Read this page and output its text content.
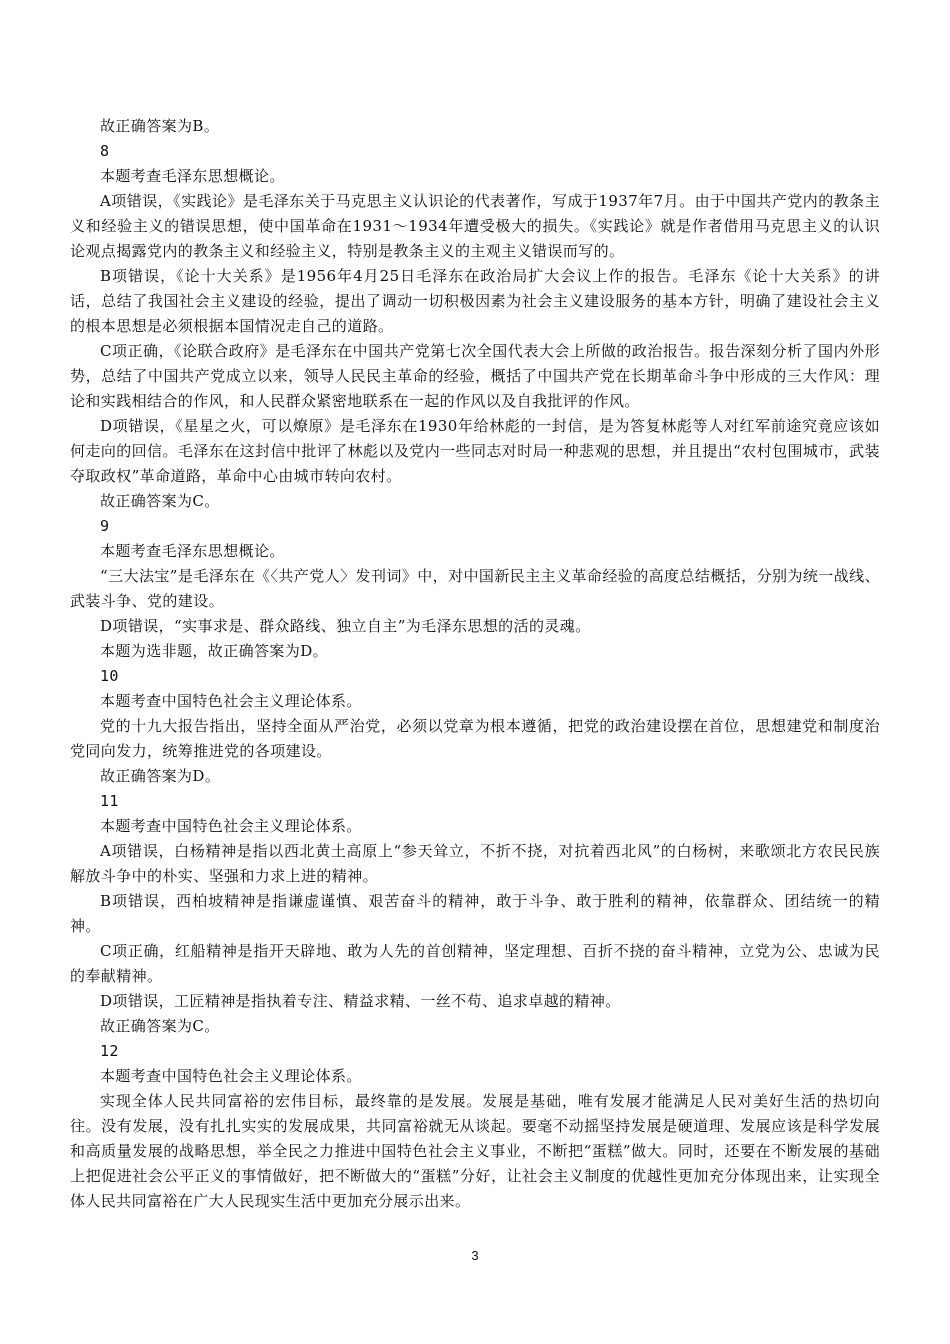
故正确答案为B。

8

本题考查毛泽东思想概论。

A项错误，《实践论》是毛泽东关于马克思主义认识论的代表著作，写成于1937年7月。由于中国共产党内的教条主义和经验主义的错误思想，使中国革命在1931～1934年遭受极大的损失。《实践论》就是作者借用马克思主义的认识论观点揭露党内的教条主义和经验主义，特别是教条主义的主观主义错误而写的。

B项错误，《论十大关系》是1956年4月25日毛泽东在政治局扩大会议上作的报告。毛泽东《论十大关系》的讲话，总结了我国社会主义建设的经验，提出了调动一切积极因素为社会主义建设服务的基本方针，明确了建设社会主义的根本思想是必须根据本国情况走自己的道路。

C项正确，《论联合政府》是毛泽东在中国共产党第七次全国代表大会上所做的政治报告。报告深刻分析了国内外形势，总结了中国共产党成立以来，领导人民民主革命的经验，概括了中国共产党在长期革命斗争中形成的三大作风：理论和实践相结合的作风，和人民群众紧密地联系在一起的作风以及自我批评的作风。

D项错误，《星星之火，可以燎原》是毛泽东在1930年给林彪的一封信，是为答复林彪等人对红军前途究竟应该如何走向的回信。毛泽东在这封信中批评了林彪以及党内一些同志对时局一种悲观的思想，并且提出“农村包围城市，武装夺取政权”革命道路，革命中心由城市转向农村。

故正确答案为C。

9

本题考查毛泽东思想概论。

“三大法宝”是毛泽东在《〈共产党人〉发刊词》中，对中国新民主主义革命经验的高度总结概括，分别为统一战线、武装斗争、党的建设。

D项错误，“实事求是、群众路线、独立自主”为毛泽东思想的活的灵魂。

本题为选非题，故正确答案为D。

10

本题考查中国特色社会主义理论体系。

党的十九大报告指出，坚持全面从严治党，必须以党章为根本遵循，把党的政治建设摆在首位，思想建党和制度治党同向发力，统筹推进党的各项建设。

故正确答案为D。

11

本题考查中国特色社会主义理论体系。

A项错误，白杨精神是指以西北黄土高原上“参天耸立，不折不挠，对抗着西北风”的白杨树，来歌颂北方农民民族解放斗争中的朴实、坚强和力求上进的精神。

B项错误，西柏坡精神是指谦虚谨慎、艰苦奋斗的精神，敢于斗争、敢于胜利的精神，依靠群众、团结统一的精神。

C项正确，红船精神是指开天辟地、敢为人先的首创精神，坚定理想、百折不挠的奋斗精神，立党为公、忠诚为民的奉献精神。

D项错误，工匠精神是指执着专注、精益求精、一丝不苟、追求卓越的精神。

故正确答案为C。

12

本题考查中国特色社会主义理论体系。

实现全体人民共同富裕的宏伟目标，最终靠的是发展。发展是基础，唯有发展才能满足人民对美好生活的热切向往。没有发展，没有扎扎实实的发展成果，共同富裕就无从谈起。要毫不动摇坚持发展是硬道理、发展应该是科学发展和高质量发展的战略思想，举全民之力推进中国特色社会主义事业，不断把“蛋糕”做大。同时，还要在不断发展的基础上把促进社会公平正义的事情做好，把不断做大的“蛋糕”分好，让社会主义制度的优越性更加充分体现出来，让实现全体人民共同富裕在广大人民现实生活中更加充分展示出来。

3
